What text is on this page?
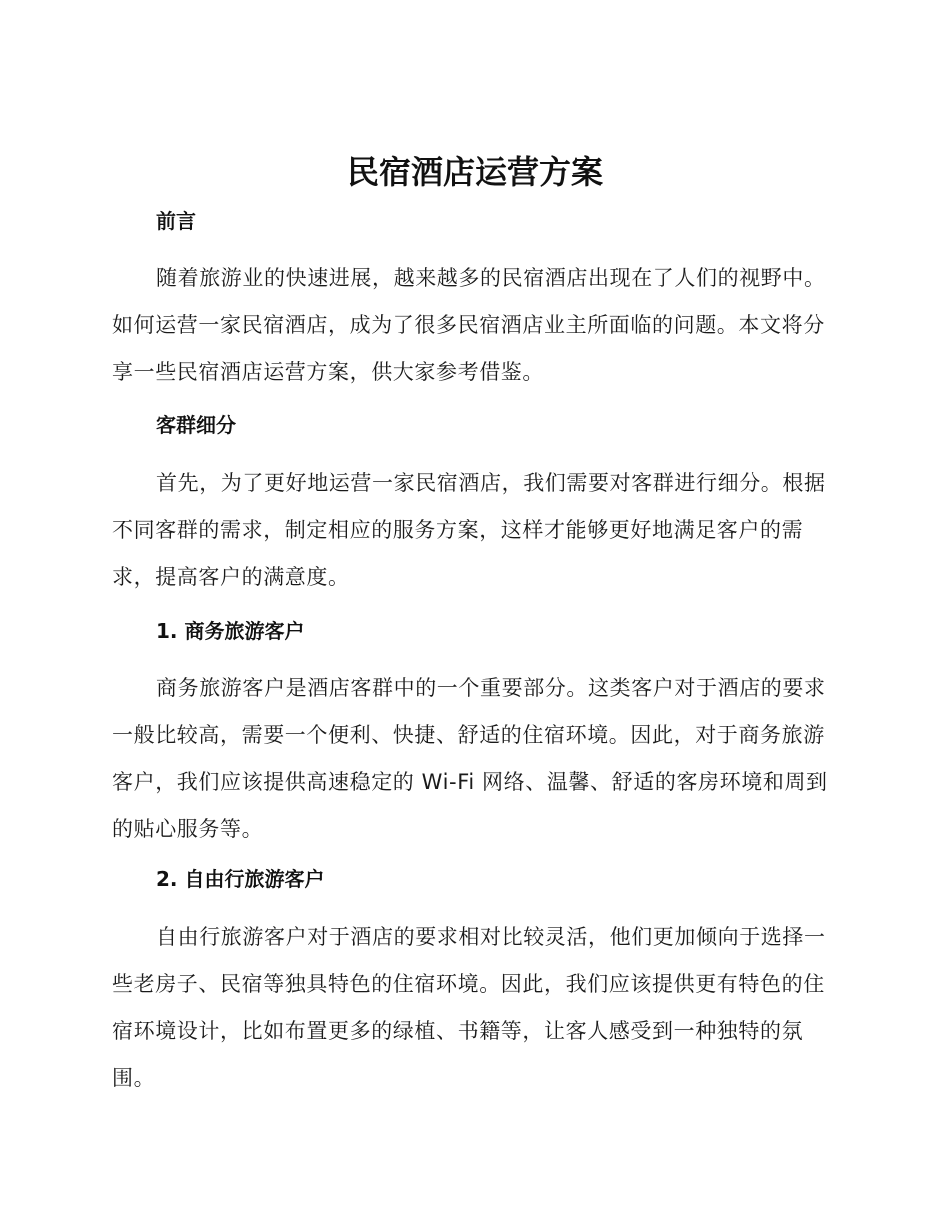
民宿酒店运营方案
前言

随着旅游业的快速进展，越来越多的民宿酒店出现在了人们的视野中。如何运营一家民宿酒店，成为了很多民宿酒店业主所面临的问题。本文将分享一些民宿酒店运营方案，供大家参考借鉴。

客群细分

首先，为了更好地运营一家民宿酒店，我们需要对客群进行细分。根据不同客群的需求，制定相应的服务方案，这样才能够更好地满足客户的需求，提高客户的满意度。

1. 商务旅游客户

商务旅游客户是酒店客群中的一个重要部分。这类客户对于酒店的要求一般比较高，需要一个便利、快捷、舒适的住宿环境。因此，对于商务旅游客户，我们应该提供高速稳定的 Wi-Fi 网络、温馨、舒适的客房环境和周到的贴心服务等。

2. 自由行旅游客户

自由行旅游客户对于酒店的要求相对比较灵活，他们更加倾向于选择一些老房子、民宿等独具特色的住宿环境。因此，我们应该提供更有特色的住宿环境设计，比如布置更多的绿植、书籍等，让客人感受到一种独特的氛围。
